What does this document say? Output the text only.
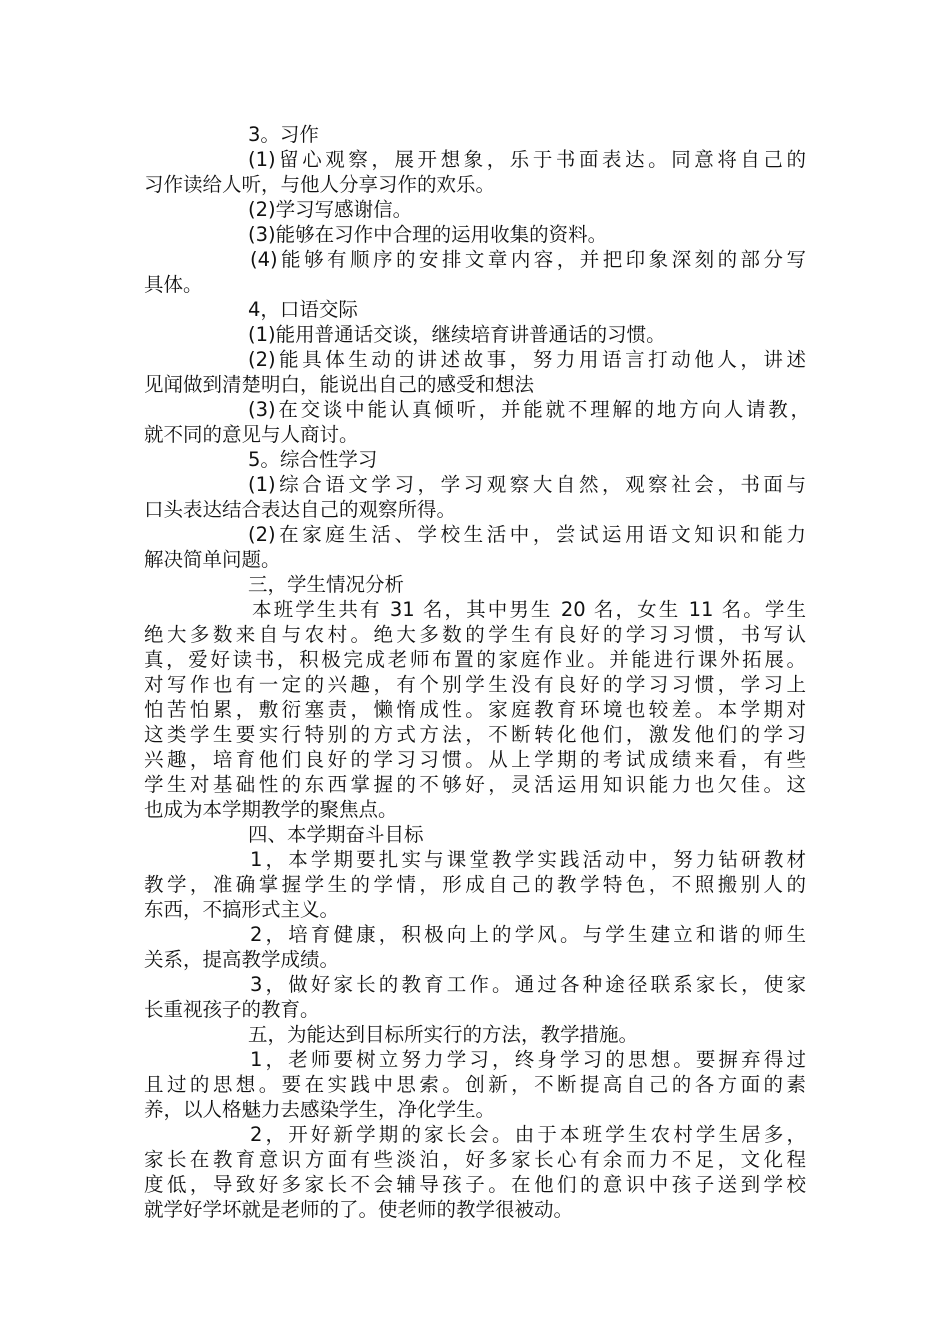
3。习作

(1)留心观察，展开想象，乐于书面表达。同意将自己的

习作读给人听，与他人分享习作的欢乐。

(2)学习写感谢信。

(3)能够在习作中合理的运用收集的资料。

(4)能够有顺序的安排文章内容，并把印象深刻的部分写

具体。

4，口语交际

(1)能用普通话交谈，继续培育讲普通话的习惯。

(2)能具体生动的讲述故事，努力用语言打动他人，讲述

见闻做到清楚明白，能说出自己的感受和想法

(3)在交谈中能认真倾听，并能就不理解的地方向人请教，

就不同的意见与人商讨。

5。综合性学习

(1)综合语文学习，学习观察大自然，观察社会，书面与

口头表达结合表达自己的观察所得。

(2)在家庭生活、学校生活中，尝试运用语文知识和能力

解决简单问题。

三，学生情况分析

本班学生共有 31 名，其中男生 20 名，女生 11 名。学生

绝大多数来自与农村。绝大多数的学生有良好的学习习惯，书写认

真，爱好读书，积极完成老师布置的家庭作业。并能进行课外拓展。

对写作也有一定的兴趣，有个别学生没有良好的学习习惯，学习上

怕苦怕累，敷衍塞责，懒惰成性。家庭教育环境也较差。本学期对

这类学生要实行特别的方式方法，不断转化他们，激发他们的学习

兴趣，培育他们良好的学习习惯。从上学期的考试成绩来看，有些

学生对基础性的东西掌握的不够好，灵活运用知识能力也欠佳。这

也成为本学期教学的聚焦点。

四、本学期奋斗目标

1，本学期要扎实与课堂教学实践活动中，努力钻研教材

教学，准确掌握学生的学情，形成自己的教学特色，不照搬别人的

东西，不搞形式主义。

2，培育健康，积极向上的学风。与学生建立和谐的师生

关系，提高教学成绩。

3，做好家长的教育工作。通过各种途径联系家长，使家

长重视孩子的教育。

五，为能达到目标所实行的方法，教学措施。

1，老师要树立努力学习，终身学习的思想。要摒弃得过

且过的思想。要在实践中思索。创新，不断提高自己的各方面的素

养，以人格魅力去感染学生，净化学生。

2，开好新学期的家长会。由于本班学生农村学生居多，

家长在教育意识方面有些淡泊，好多家长心有余而力不足，文化程

度低，导致好多家长不会辅导孩子。在他们的意识中孩子送到学校

就学好学坏就是老师的了。使老师的教学很被动。
